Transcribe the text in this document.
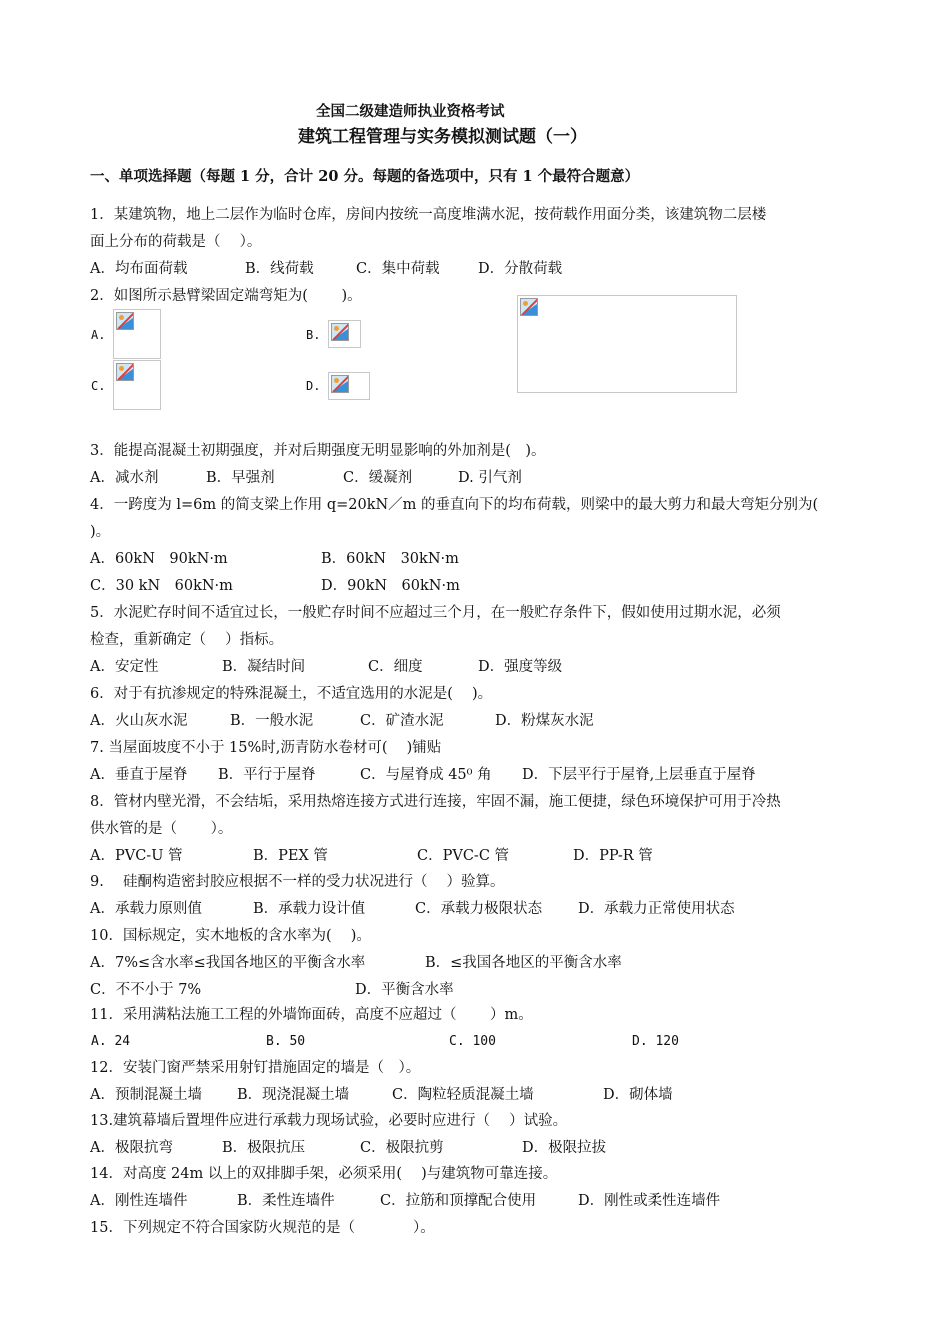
全国二级建造师执业资格考试
建筑工程管理与实务模拟测试题（一）
一、单项选择题（每题 1 分，合计 20 分。每题的备选项中，只有 1 个最符合题意）
1．某建筑物，地上二层作为临时仓库，房间内按统一高度堆满水泥，按荷载作用面分类，该建筑物二层楼
面上分布的荷载是（　 ）。
A．均布面荷载	B．线荷载	C．集中荷载	D．分散荷载
2．如图所示悬臂梁固定端弯矩为(　　 )。
A.	B.
C.	D.
3．能提高混凝土初期强度，并对后期强度无明显影响的外加剂是(　)。
A．减水剂	B．早强剂	C．缓凝剂	D. 引气剂
4．一跨度为 l=6m 的简支梁上作用 q=20kN／m 的垂直向下的均布荷载，则梁中的最大剪力和最大弯矩分别为(
)。
A．60kN　90kN·m	B．60kN　30kN·m
C．30 kN　60kN·m	D．90kN　60kN·m
5．水泥贮存时间不适宜过长，一般贮存时间不应超过三个月，在一般贮存条件下，假如使用过期水泥，必须
检查，重新确定（　 ）指标。
A．安定性	B．凝结时间	C．细度	D．强度等级
6．对于有抗渗规定的特殊混凝土，不适宜选用的水泥是(　 )。
A．火山灰水泥	B．一般水泥	C．矿渣水泥	D．粉煤灰水泥
7. 当屋面坡度不小于 15%时,沥青防水卷材可(　 )铺贴
A．垂直于屋脊 B．平行于屋脊	C．与屋脊成 45⁰ 角 D．下层平行于屋脊,上层垂直于屋脊
8．管材内壁光滑，不会结垢，采用热熔连接方式进行连接，牢固不漏，施工便捷，绿色环境保护可用于冷热
供水管的是（　　 ）。
A．PVC-U 管	B．PEX 管	C．PVC-C 管	D．PP-R 管
9.　 硅酮构造密封胶应根据不一样的受力状况进行（　 ）验算。
A．承载力原则值	B．承载力设计值	C．承载力极限状态 D．承载力正常使用状态
10．国标规定，实木地板的含水率为(　 )。
A．7%≤含水率≤我国各地区的平衡含水率	B．≤我国各地区的平衡含水率
C．不不小于 7%	D．平衡含水率
11．采用满粘法施工工程的外墙饰面砖，高度不应超过（　　 ）m。
A. 24	B. 50	C. 100	D. 120
12．安装门窗严禁采用射钉措施固定的墙是（　）。
A．预制混凝土墙 B．现浇混凝土墙	C．陶粒轻质混凝土墙	D．砌体墙
13.建筑幕墙后置埋件应进行承载力现场试验，必要时应进行（　 ）试验。
A．极限抗弯	B．极限抗压	C．极限抗剪	D．极限拉拔
14．对高度 24m 以上的双排脚手架，必须采用(　 )与建筑物可靠连接。
A．刚性连墙件	B．柔性连墙件	C．拉筋和顶撑配合使用	D．刚性或柔性连墙件
15．下列规定不符合国家防火规范的是（　　　　）。
